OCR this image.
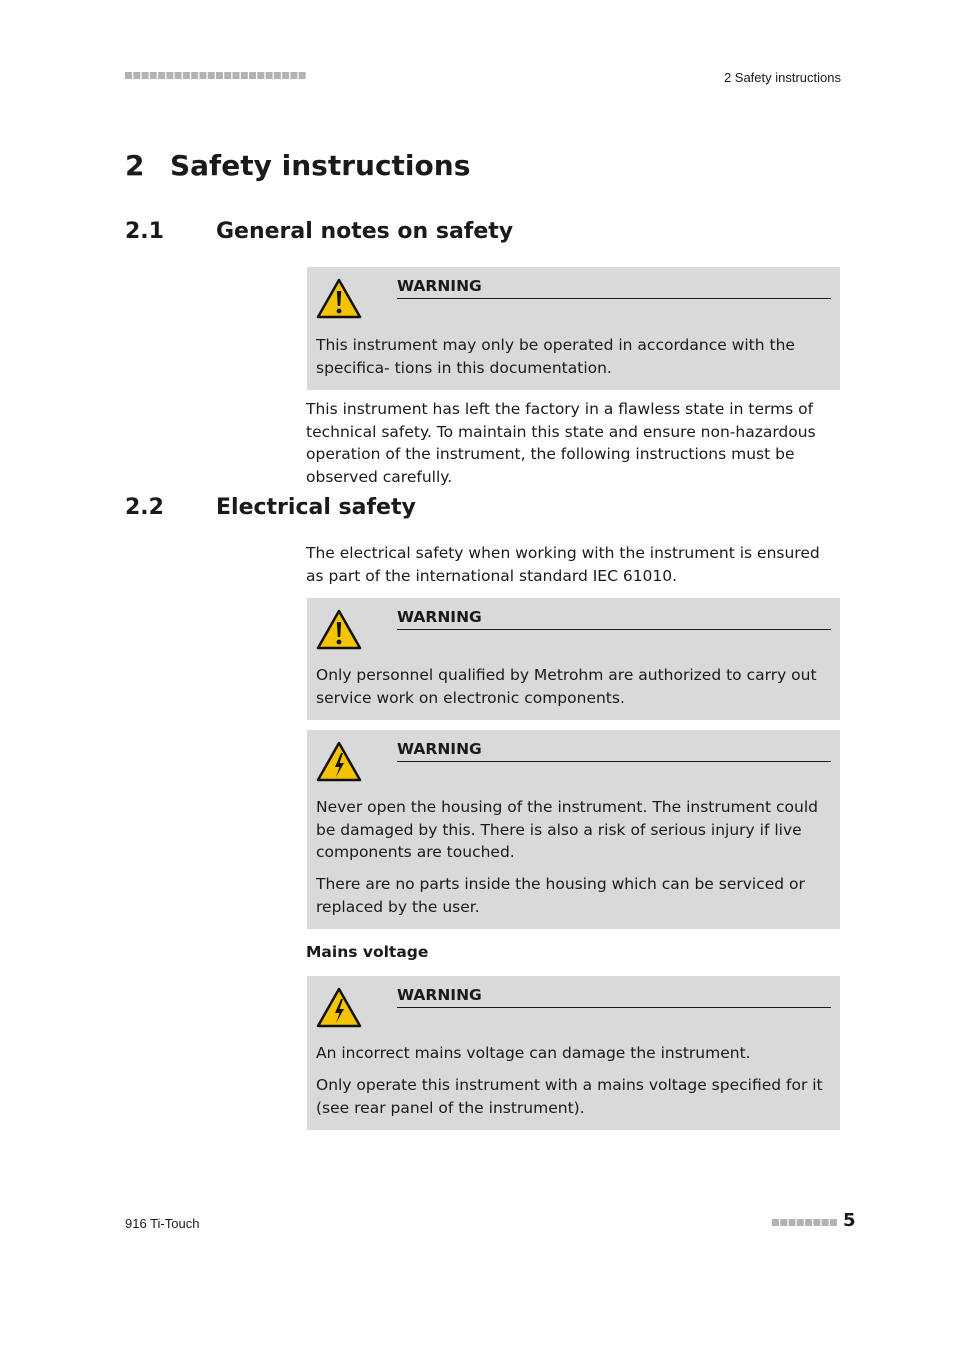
2 Safety instructions
2 Safety instructions
2.1 General notes on safety
WARNING
This instrument may only be operated in accordance with the specifica- tions in this documentation.
This instrument has left the factory in a flawless state in terms of technical safety. To maintain this state and ensure non-hazardous operation of the instrument, the following instructions must be observed carefully.
2.2 Electrical safety
The electrical safety when working with the instrument is ensured as part of the international standard IEC 61010.
WARNING
Only personnel qualified by Metrohm are authorized to carry out service work on electronic components.
WARNING
Never open the housing of the instrument. The instrument could be damaged by this. There is also a risk of serious injury if live components are touched.
There are no parts inside the housing which can be serviced or replaced by the user.
Mains voltage
WARNING
An incorrect mains voltage can damage the instrument.
Only operate this instrument with a mains voltage specified for it (see rear panel of the instrument).
916 Ti-Touch	5
